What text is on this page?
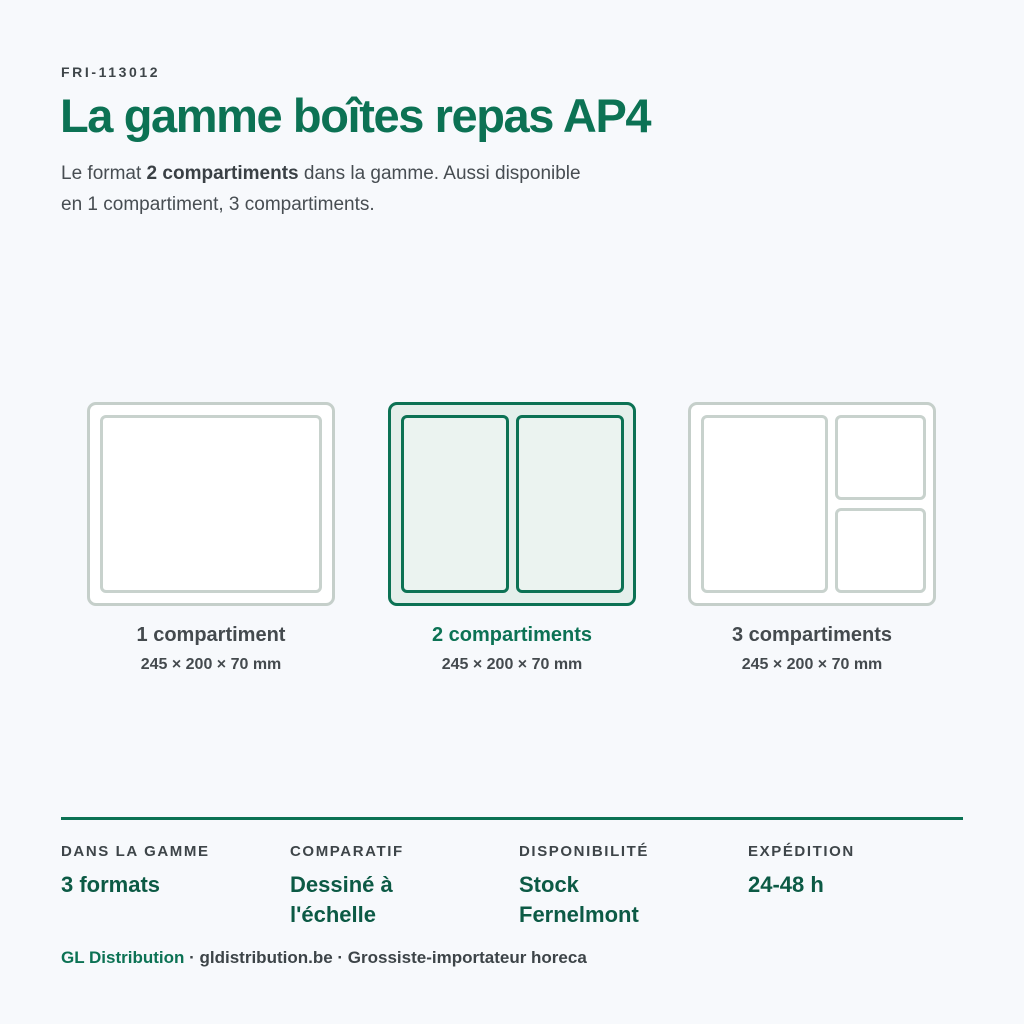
FRI-113012
La gamme boîtes repas AP4

Le format 2 compartiments dans la gamme. Aussi disponible en 1 compartiment, 3 compartiments.

1 compartiment
245 × 200 × 70 mm
2 compartiments
245 × 200 × 70 mm
3 compartiments
245 × 200 × 70 mm
DANS LA GAMME
3 formats
COMPARATIF
Dessiné à l'échelle
DISPONIBILITÉ
Stock Fernelmont
EXPÉDITION
24-48 h
GL Distribution · gldistribution.be · Grossiste-importateur horeca
